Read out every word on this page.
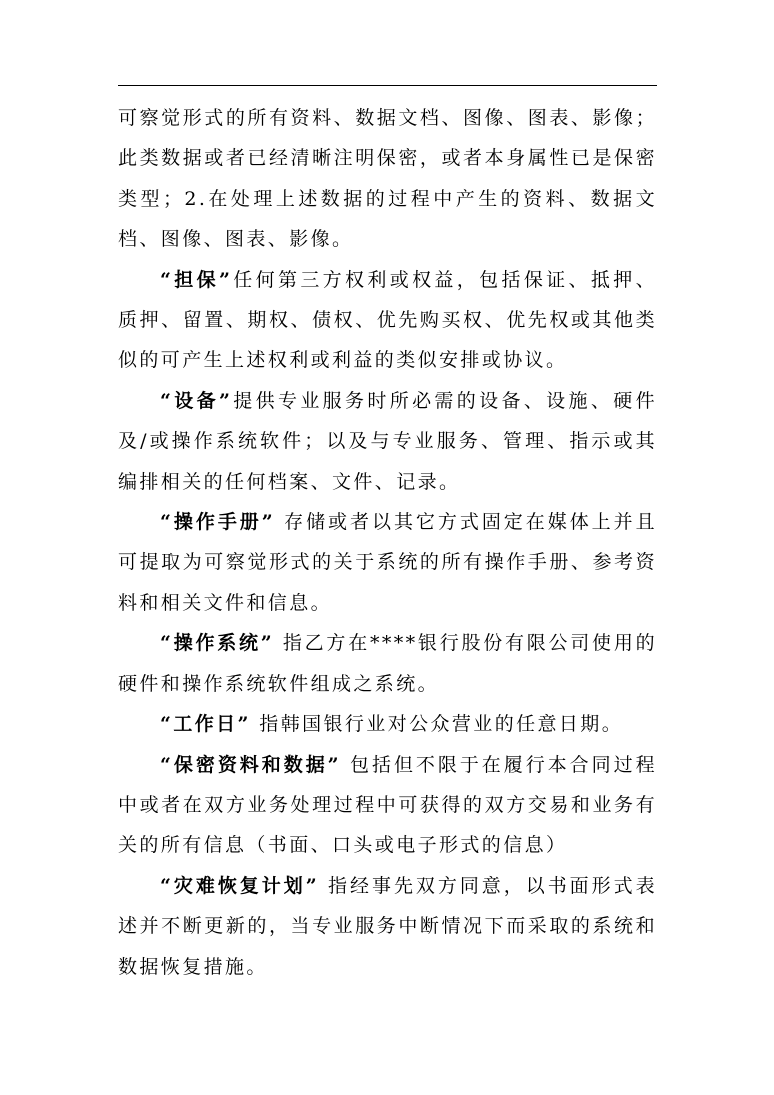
可察觉形式的所有资料、数据文档、图像、图表、影像；此类数据或者已经清晰注明保密，或者本身属性已是保密类型；2.在处理上述数据的过程中产生的资料、数据文档、图像、图表、影像。

“担保”任何第三方权利或权益，包括保证、抵押、质押、留置、期权、债权、优先购买权、优先权或其他类似的可产生上述权利或利益的类似安排或协议。

“设备”提供专业服务时所必需的设备、设施、硬件及/或操作系统软件；以及与专业服务、管理、指示或其编排相关的任何档案、文件、记录。

“操作手册” 存储或者以其它方式固定在媒体上并且可提取为可察觉形式的关于系统的所有操作手册、参考资料和相关文件和信息。

“操作系统” 指乙方在****银行股份有限公司使用的硬件和操作系统软件组成之系统。

“工作日” 指韩国银行业对公众营业的任意日期。

“保密资料和数据” 包括但不限于在履行本合同过程中或者在双方业务处理过程中可获得的双方交易和业务有关的所有信息（书面、口头或电子形式的信息）

“灾难恢复计划” 指经事先双方同意，以书面形式表述并不断更新的，当专业服务中断情况下而采取的系统和数据恢复措施。
